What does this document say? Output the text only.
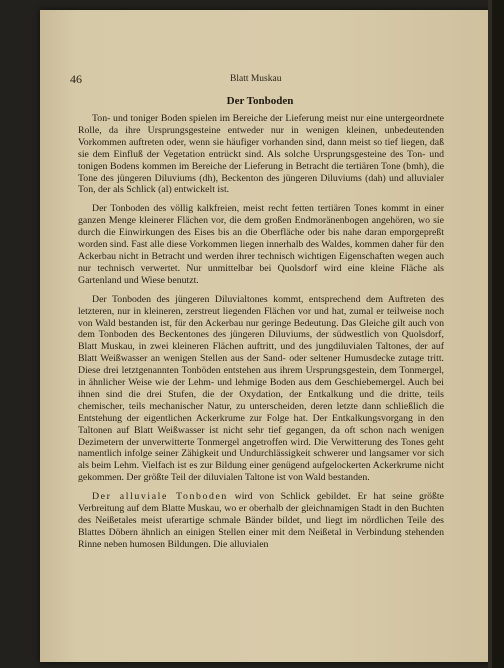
46	Blatt Muskau
Der Tonboden

Ton- und toniger Boden spielen im Bereiche der Lieferung meist nur eine untergeordnete Rolle, da ihre Ursprungsgesteine entweder nur in wenigen kleinen, unbedeutenden Vorkommen auftreten oder, wenn sie häufiger vorhanden sind, dann meist so tief liegen, daß sie dem Einfluß der Vegetation entrückt sind. Als solche Ursprungsgesteine des Ton- und tonigen Bodens kommen im Bereiche der Lieferung in Betracht die tertiären Tone (bmh), die Tone des jüngeren Diluviums (dh), Beckenton des jüngeren Diluviums (dah) und alluvialer Ton, der als Schlick (al) entwickelt ist.

Der Tonboden des völlig kalkfreien, meist recht fetten tertiären Tones kommt in einer ganzen Menge kleinerer Flächen vor, die dem großen Endmoränenbogen angehören, wo sie durch die Einwirkungen des Eises bis an die Oberfläche oder bis nahe daran emporgepreßt worden sind. Fast alle diese Vorkommen liegen innerhalb des Waldes, kommen daher für den Ackerbau nicht in Betracht und werden ihrer technisch wichtigen Eigenschaften wegen auch nur technisch verwertet. Nur unmittelbar bei Quolsdorf wird eine kleine Fläche als Gartenland und Wiese benutzt.

Der Tonboden des jüngeren Diluvialtones kommt, entsprechend dem Auftreten des letzteren, nur in kleineren, zerstreut liegenden Flächen vor und hat, zumal er teilweise noch von Wald bestanden ist, für den Ackerbau nur geringe Bedeutung. Das Gleiche gilt auch von dem Tonboden des Beckentones des jüngeren Diluviums, der südwestlich von Quolsdorf, Blatt Muskau, in zwei kleineren Flächen auftritt, und des jungdiluvialen Taltones, der auf Blatt Weißwasser an wenigen Stellen aus der Sand- oder seltener Humusdecke zutage tritt. Diese drei letztgenannten Tonböden entstehen aus ihrem Ursprungsgestein, dem Tonmergel, in ähnlicher Weise wie der Lehm- und lehmige Boden aus dem Geschiebemergel. Auch bei ihnen sind die drei Stufen, die der Oxydation, der Entkalkung und die dritte, teils chemischer, teils mechanischer Natur, zu unterscheiden, deren letzte dann schließlich die Entstehung der eigentlichen Ackerkrume zur Folge hat. Der Entkalkungsvorgang in den Taltonen auf Blatt Weißwasser ist nicht sehr tief gegangen, da oft schon nach wenigen Dezimetern der unverwitterte Tonmergel angetroffen wird. Die Verwitterung des Tones geht namentlich infolge seiner Zähigkeit und Undurchlässigkeit schwerer und langsamer vor sich als beim Lehm. Vielfach ist es zur Bildung einer genügend aufgelockerten Ackerkrume nicht gekommen. Der größte Teil der diluvialen Taltone ist von Wald bestanden.

Der alluviale Tonboden wird von Schlick gebildet. Er hat seine größte Verbreitung auf dem Blatte Muskau, wo er oberhalb der gleichnamigen Stadt in den Buchten des Neißetales meist uferartige schmale Bänder bildet, und liegt im nördlichen Teile des Blattes Döbern ähnlich an einigen Stellen einer mit dem Neißetal in Verbindung stehenden Rinne neben humosen Bildungen. Die alluvialen
